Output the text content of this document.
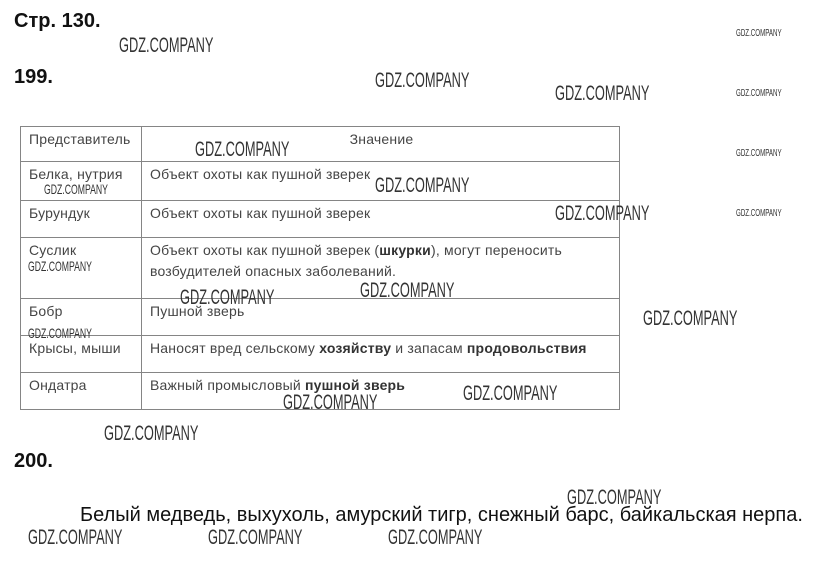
Стр. 130.
199.
Представитель	Значение
Белка, нутрия	Объект охоты как пушной зверек
Бурундук	Объект охоты как пушной зверек
Суслик	Объект охоты как пушной зверек (шкурки), могут переносить
возбудителей опасных заболеваний.
Бобр	Пушной зверь
Крысы, мыши	Наносят вред сельскому хозяйству и запасам продовольствия
Ондатра	Важный промысловый пушной зверь
200.

Белый медведь, выхухоль, амурский тигр, снежный барс, байкальская нерпа.

GDZ.COMPANY
GDZ.COMPANY
GDZ.COMPANY
GDZ.COMPANY	GDZ.COMPANY
GDZ.COMPANY	GDZ.COMPANY
GDZ.COMPANY	GDZ.COMPANY
GDZ.COMPANY	GDZ.COMPANY
GDZ.COMPANY
GDZ.COMPANY	GDZ.COMPANY
GDZ.COMPANY
GDZ.COMPANY
GDZ.COMPANY	GDZ.COMPANY
GDZ.COMPANY
GDZ.COMPANY
GDZ.COMPANY	GDZ.COMPANY	GDZ.COMPANY
